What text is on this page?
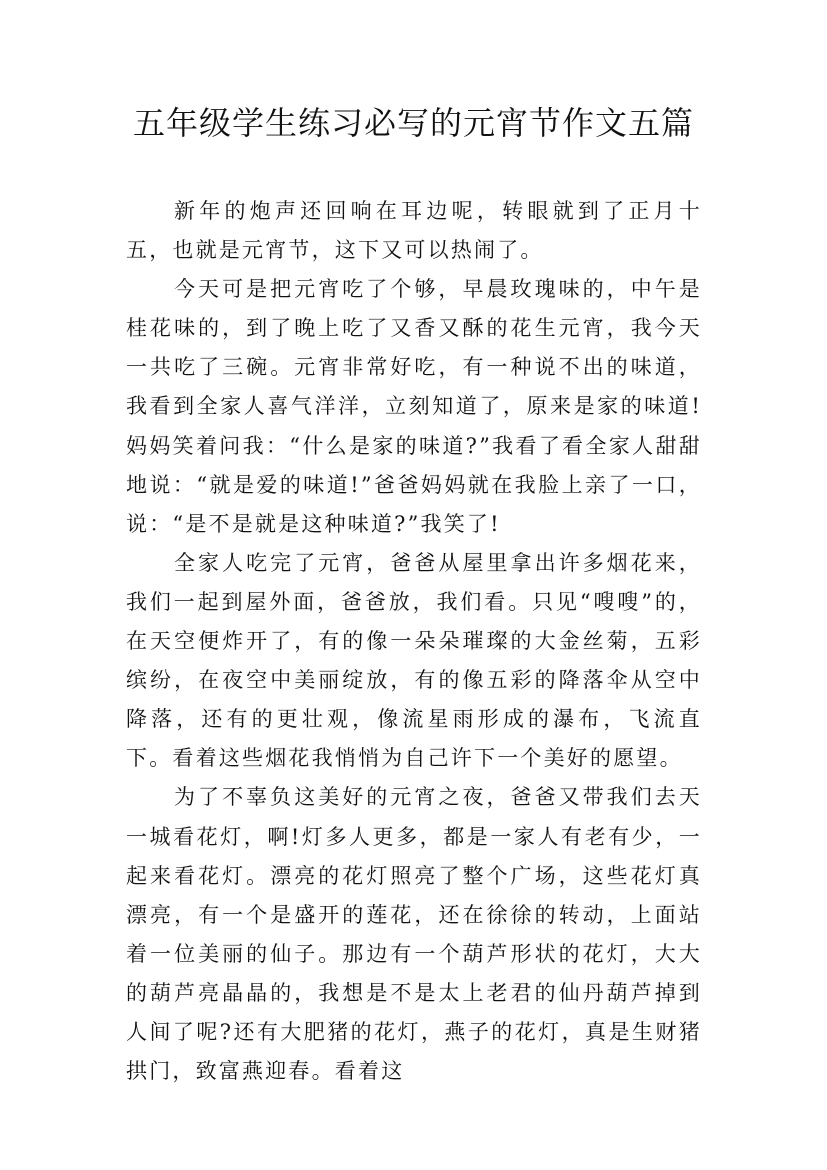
五年级学生练习必写的元宵节作文五篇

新年的炮声还回响在耳边呢，转眼就到了正月十五，也就是元宵节，这下又可以热闹了。

今天可是把元宵吃了个够，早晨玫瑰味的，中午是桂花味的，到了晚上吃了又香又酥的花生元宵，我今天一共吃了三碗。元宵非常好吃，有一种说不出的味道，我看到全家人喜气洋洋，立刻知道了，原来是家的味道!妈妈笑着问我：“什么是家的味道?”我看了看全家人甜甜地说：“就是爱的味道!”爸爸妈妈就在我脸上亲了一口，说：“是不是就是这种味道?”我笑了!

全家人吃完了元宵，爸爸从屋里拿出许多烟花来，我们一起到屋外面，爸爸放，我们看。只见“嗖嗖”的，在天空便炸开了，有的像一朵朵璀璨的大金丝菊，五彩缤纷，在夜空中美丽绽放，有的像五彩的降落伞从空中降落，还有的更壮观，像流星雨形成的瀑布，飞流直下。看着这些烟花我悄悄为自己许下一个美好的愿望。

为了不辜负这美好的元宵之夜，爸爸又带我们去天一城看花灯，啊!灯多人更多，都是一家人有老有少，一起来看花灯。漂亮的花灯照亮了整个广场，这些花灯真漂亮，有一个是盛开的莲花，还在徐徐的转动，上面站着一位美丽的仙子。那边有一个葫芦形状的花灯，大大的葫芦亮晶晶的，我想是不是太上老君的仙丹葫芦掉到人间了呢?还有大肥猪的花灯，燕子的花灯，真是生财猪拱门，致富燕迎春。看着这
